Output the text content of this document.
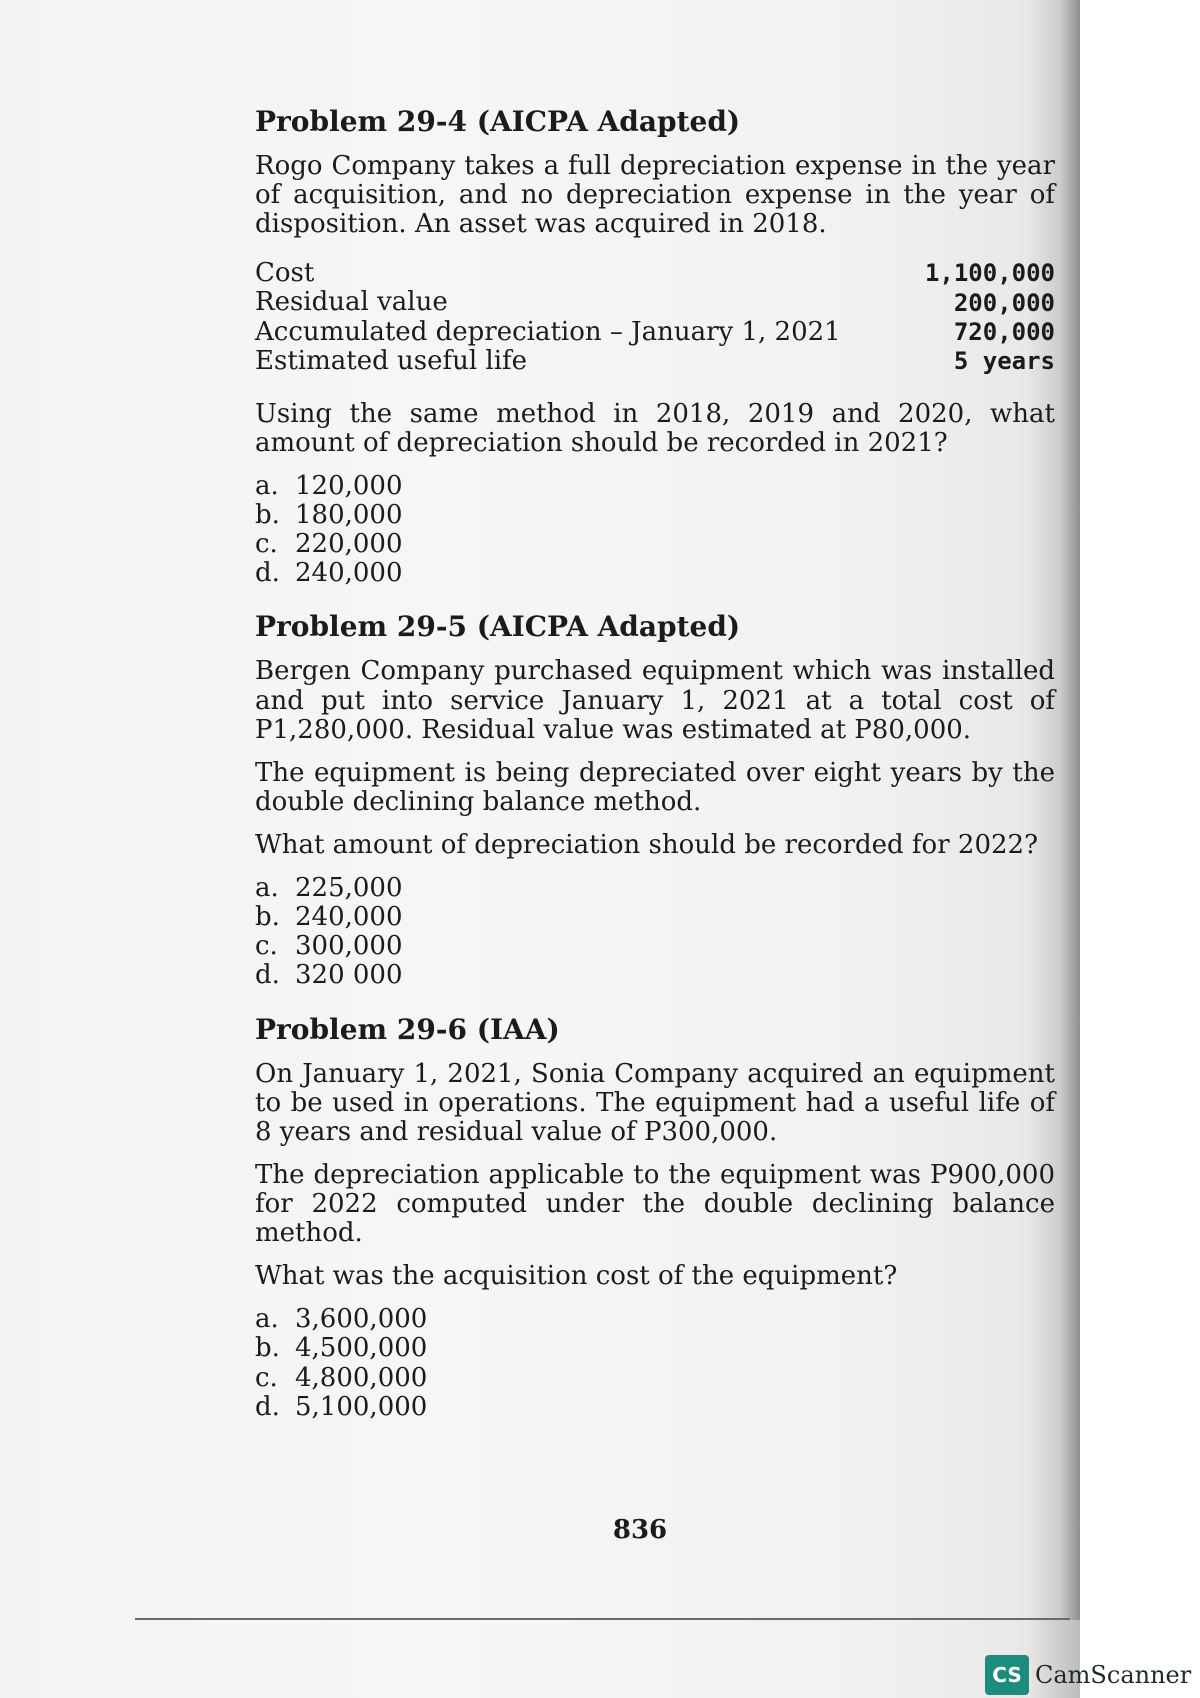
Problem 29-4 (AICPA Adapted)

Rogo Company takes a full depreciation expense in the year of acquisition, and no depreciation expense in the year of disposition. An asset was acquired in 2018.

Cost	1,100,000
Residual value	200,000
Accumulated depreciation – January 1, 2021	720,000
Estimated useful life	5 years

Using the same method in 2018, 2019 and 2020, what amount of depreciation should be recorded in 2021?

a. 120,000
b. 180,000
c. 220,000
d. 240,000
Problem 29-5 (AICPA Adapted)

Bergen Company purchased equipment which was installed and put into service January 1, 2021 at a total cost of P1,280,000. Residual value was estimated at P80,000.

The equipment is being depreciated over eight years by the double declining balance method.

What amount of depreciation should be recorded for 2022?

a. 225,000
b. 240,000
c. 300,000
d. 320 000
Problem 29-6 (IAA)

On January 1, 2021, Sonia Company acquired an equipment to be used in operations. The equipment had a useful life of 8 years and residual value of P300,000.

The depreciation applicable to the equipment was P900,000 for 2022 computed under the double declining balance method.

What was the acquisition cost of the equipment?

a. 3,600,000
b. 4,500,000
c. 4,800,000
d. 5,100,000
836
CS CamScanner
